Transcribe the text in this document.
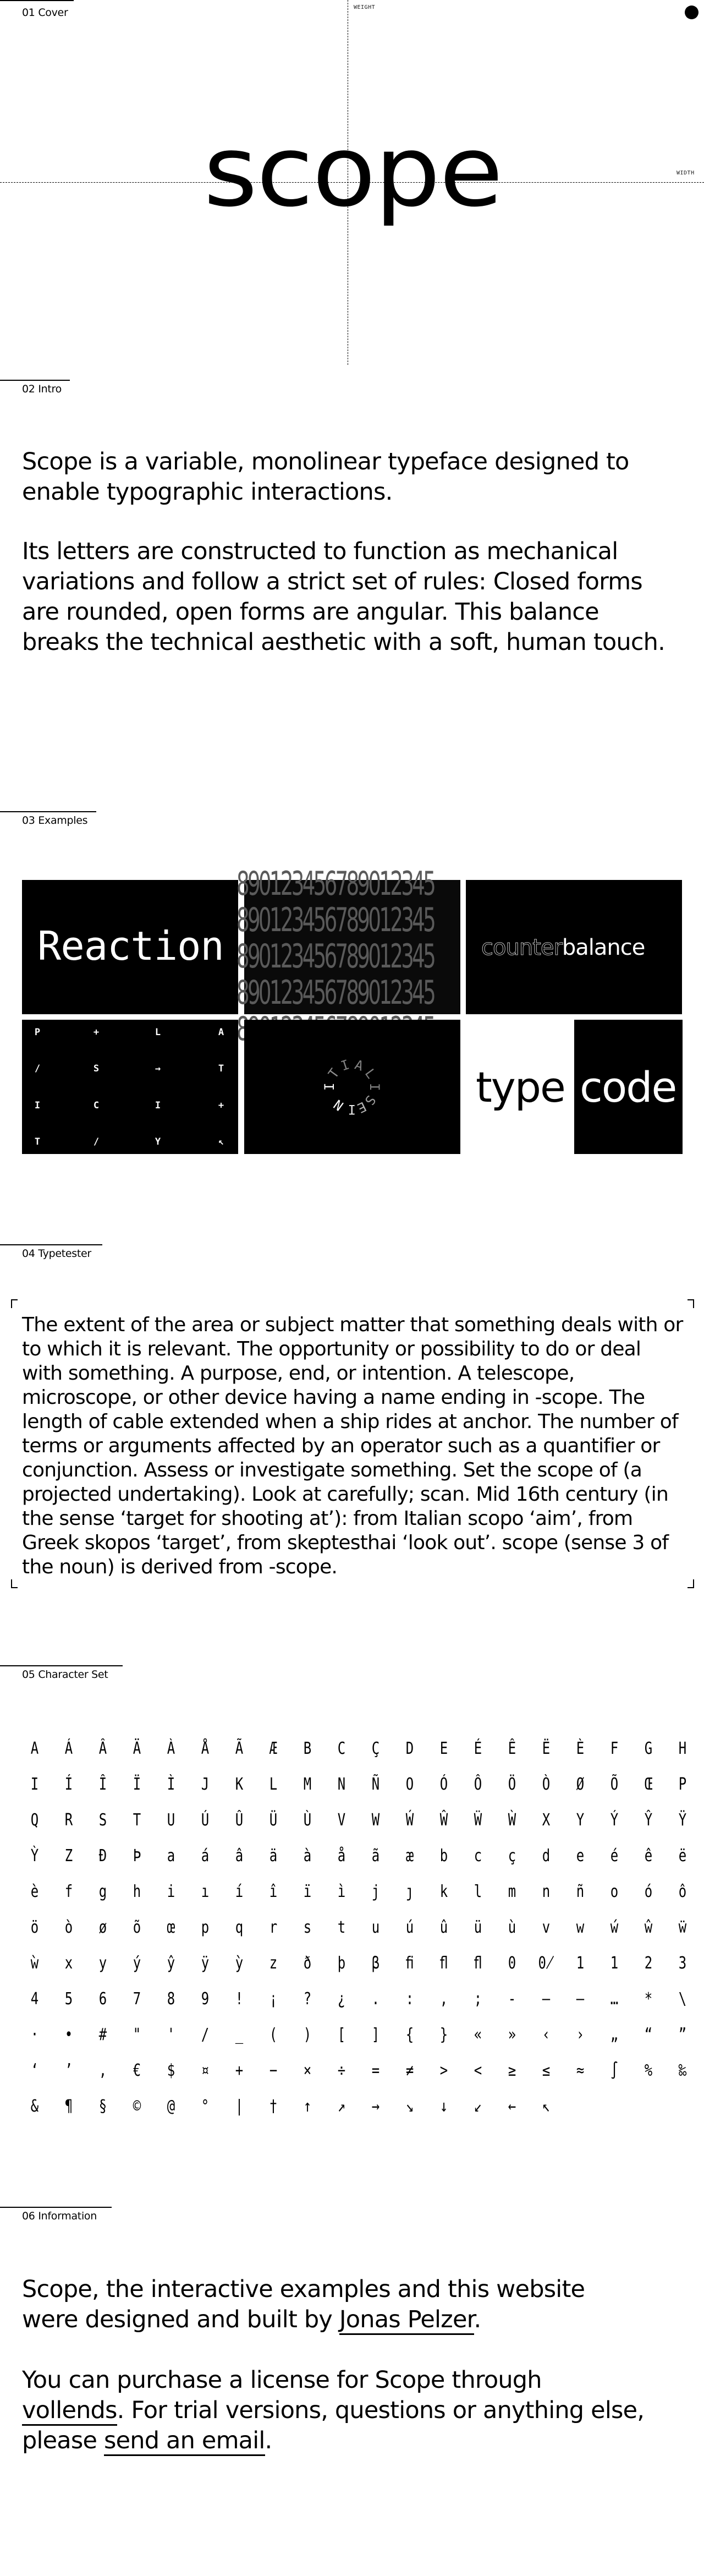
01 Cover	WEIGHT
WIDTH
scope
02 Intro

Scope is a variable, monolinear typeface designed to enable typographic interactions.

Its letters are constructed to function as mechanical variations and follow a strict set of rules: Closed forms are rounded, open forms are angular. This balance breaks the technical aesthetic with a soft, human touch.

03 Examples
Reaction
890123456789012345
890123456789012345
890123456789012345
890123456789012345
counterbalance
P	+	L	A
/	S	→	T
I	C	I	+
T	/	Y	↖
I
N
I
T
I A
L
I
S
E	type code
04 Typetester
The extent of the area or subject matter that something deals with or to which it is relevant. The opportunity or possibility to do or deal with something. A purpose, end, or intention. A telescope, microscope, or other device having a name ending in -scope. The length of cable extended when a ship rides at anchor. The number of terms or arguments affected by an operator such as a quantifier or conjunction. Assess or investigate something. Set the scope of (a projected undertaking). Look at carefully; scan. Mid 16th century (in the sense ‘target for shooting at’): from Italian scopo ‘aim’, from Greek skopos ‘target’, from skeptesthai ‘look out’. scope (sense 3 of the noun) is derived from -scope.
05 Character Set
A	Á	Â	Ä	À	Å	Ã	Æ	B	C	Ç	D	E	É	Ê	Ë	È	F	G	H
I	Í	Î	Ï	Ì	J	K	L	M	N	Ñ	O	Ó	Ô	Ö	Ò	Ø	Õ	Œ	P
Q	R	S	T	U	Ú	Û	Ü	Ù	V	W	Ẃ	Ŵ	Ẅ	Ẁ	X	Y	Ý	Ŷ	Ÿ
Ỳ	Z	Đ	Þ	a	á	â	ä	à	å	ã	æ	b	c	ç	d	e	é	ê	ë
è	f	g	h	i	ı	í	î	ï	ì	j	ȷ	k	l	m	n	ñ	o	ó	ô
ö	ò	ø	õ	œ	p	q	r	s	t	u	ú	û	ü	ù	v	w	ẃ	ŵ	ẅ
ẁ	x	y	ý	ŷ	ÿ	ỳ	z	ð	þ	β	ﬁ	ﬂ	ﬂ	0	0̸	1	1	2	3
4	5	6	7	8	9	!	¡	?	¿	.	:	,	;	-	–	—	…	*	\
·	•	#	"	'	/	_	(	)	[	]	{	}	«	»	‹	›	„	“	”
‘	’	‚	€	$	¤	+	−	×	÷	=	≠	>	<	≥	≤	≈	∫	%	‰
&	¶	§	©	@	°	|	†	↑	↗	→	↘	↓	↙	←	↖
06 Information

Scope, the interactive examples and this website were designed and built by Jonas Pelzer.

You can purchase a license for Scope through vollends. For trial versions, questions or anything else, please send an email.
